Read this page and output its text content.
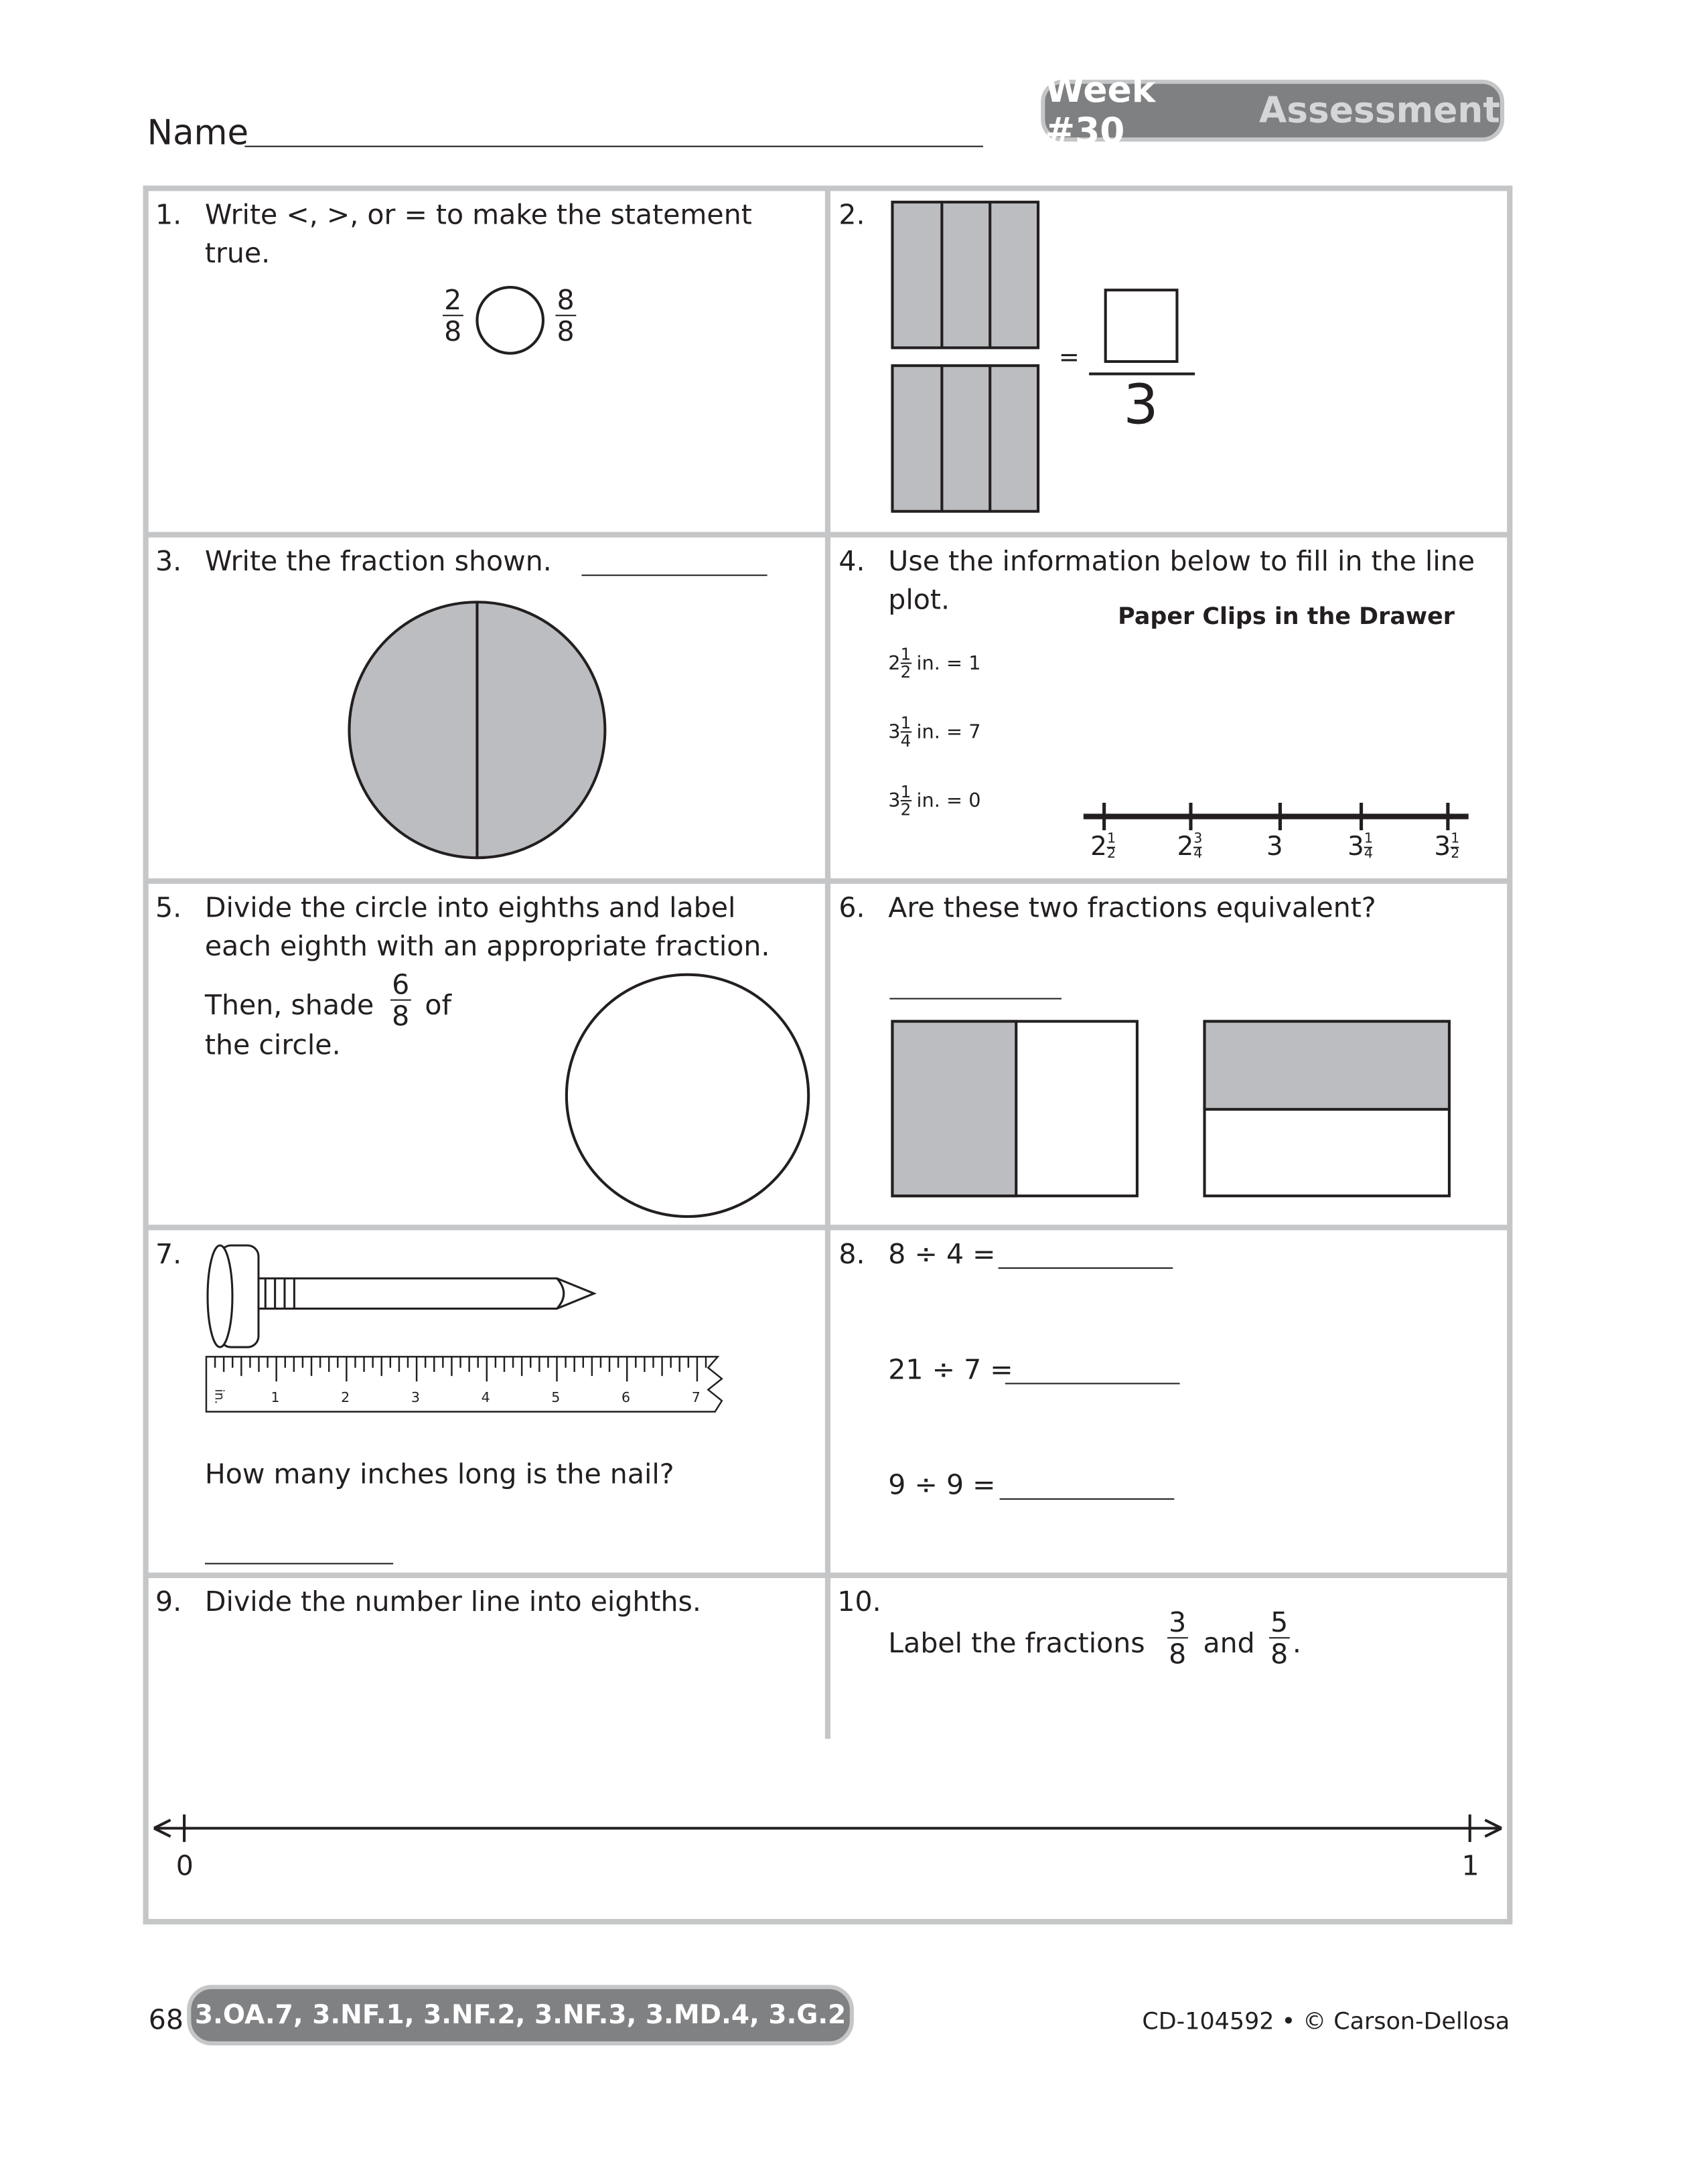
Name
Week #30
	Assessment
1. Write <, >, or = to make the statement
true.
$\frac{2}{8}$	$\frac{8}{8}$
2.
=
3
3. Write the fraction shown.	4. Use the information below to fill in the line
plot.
Paper Clips in the Drawer
2 1
2 in. = 1
3 1
4 in. = 7
3 1
2 in. = 0
2 1
2	2 3
4	3	3 1
4	3 1
2
5. Divide the circle into eighths and label
each eighth with an appropriate fraction.
Then, shade $\frac{6}{8}$ of
the circle.
6. Are these two fractions equivalent?
7.
in.	1	2	3	4	5	6	7
How many inches long is the nail?
8. 8 ÷ 4 =
21 ÷ 7 =
9 ÷ 9 =
9. Divide the number line into eighths.	10.
Label the fractions $\frac{3}{8}$ and $\frac{5}{8}$ .
0	1
68 3.OA.7, 3.NF.1, 3.NF.2, 3.NF.3, 3.MD.4, 3.G.2	CD-104592 • © Carson-Dellosa
